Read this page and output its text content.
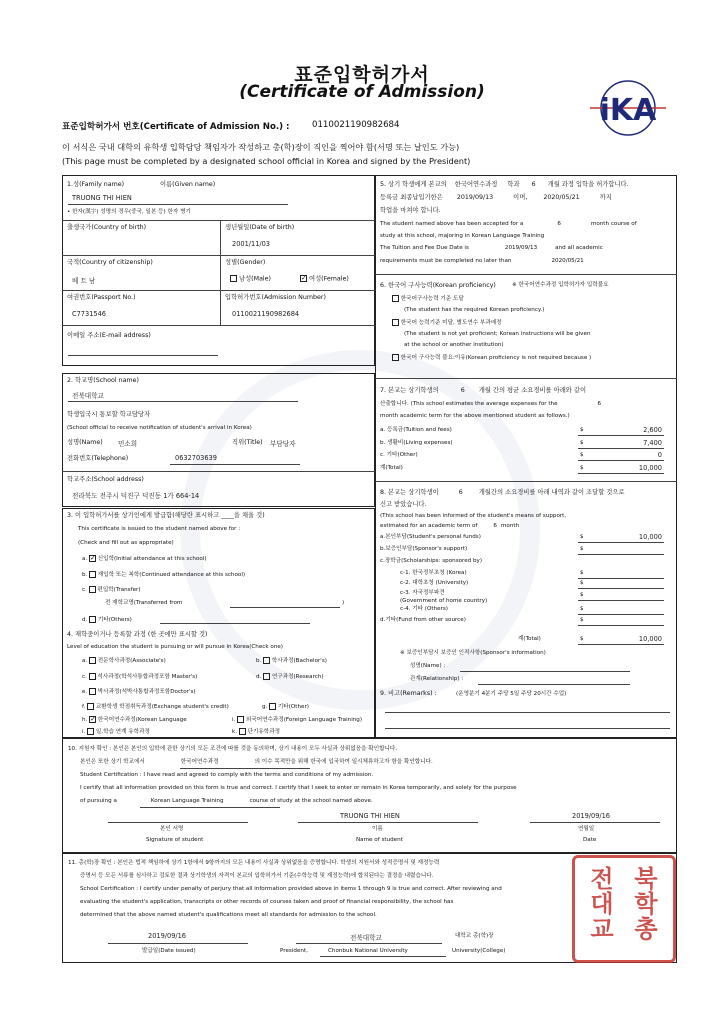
표준입학허가서
(Certificate of Admission)
iKA
표준입학허가서 번호(Certificate of Admission No.) :	0110021190982684
이 서식은 국내 대학의 유학생 입학담당 책임자가 작성하고 총(학)장이 직인을 찍어야 함(서명 또는 날인도 가능)
(This page must be completed by a designated school official in Korea and signed by the President)
1.성(Family name)	이름(Given name)
TRUONG THI HIEN
• 한자(漢字) 성명의 경우(중국, 일본 등) 한자 병기
출생국가(Country of birth)	생년월일(Date of birth)
2001/11/03
국적(Country of citizenship)
베 트 남
성별(Gender)
남성(Male)	✓ 여성(Female)
여권번호(Passport No.)
C7731546
입학허가번호(Admission Number)
0110021190982684
이메일 주소(E-mail address)
2. 학교명(School name)
전북대학교
학생입국시 통보할 학교담당자
(School official to receive notification of student's arrival in Korea)
성명(Name) 민소희	직위(Title) 부담당자
전화번호(Telephone)	0632703639
학교주소(School address)
전라북도 전주시 덕진구 덕진동 1가 664-14
3. 이 입학허가서를 상기인에게 발급함(해당란 표시하고 ____을 채울 것)
This certificate is issued to the student named above for :
(Check and fill out as appropriate)
a. ✓ 신입학(Initial attendance at this school)
b.  재입학 또는 복학(Continued attendance at this school)
c.  편입학(Transfer)
전 재학교명(Transferred from	)
d.  기타(Others)
4. 재학중이거나 등록할 과정 (한 곳에만 표시할 것)
Level of education the student is pursuing or will pursue in Korea(Check one)
a.  전문학사과정(Associate's)	b.  학사과정(Bachelor's)
c.  석사과정(학석사통합과정포함 Master's)	d.  연구과정(Research)
e.  박사과정(석박사통합과정포함Doctor's)
f.  교환학생 학점취득과정(Exchange student's credit)	g.  기타(Other)
h. ✓ 한국어연수과정(Korean Language	i.  외국어연수과정(Foreign Language Training)
i.  일,학습 연계 유학과정	k.  단기유학과정
5. 상기 학생에게 본교의 한국어연수과정 학과 6 개월 과정 입학을 허가합니다.
등록금 최종납입기한은 2019/09/13	이며,	2020/05/21	까지
학업을 마쳐야 합니다.
The student named above has been accepted for a	6	month course of
study at this school, majoring in Korean Language Training
The Tuition and Fee Due Date is	2019/09/13	and all academic
requirements must be completed no later than	2020/05/21
6. 한국어 구사능력(Korean proficiency)	※ 한국어연수과정 입학허가자 입력불요
한국어구사능력 기준 도달
(The student has the required Korean proficiency.)
한국어 능력기준 미달, 별도연수 부과예정
(The student is not yet proficient; Korean instructions will be given
at the school or another institution)
한국어 구사능력 불요:이유(Korean proficiency is not required because )
7. 본교는 상기학생의	6 개월 간의 평균 소요경비를 아래와 같이
산출합니다. (This school estimates the average expenses for the	6
month academic term for the above mentioned student as follows.)
a. 등록금(Tuition and fees)	$	2,600
b. 생활비(Living expenses)	$	7,400
c. 기타(Other)	$	0
계(Total)	$	10,000
8. 본교는 상기학생이	6	개월간의 소요경비를 아래 내역과 같이 조달할 것으로
신고 받았습니다.
(This school has been informed of the student's means of support,
estimated for an academic term of	6 month
a.본인부담(Student's personal funds)	$	10,000
b.보증인부담(Sponsor's support)	$
c.장학금(Scholarships: sponsored by)
c-1. 한국정부초청 (Korea)	$
c-2. 대학초청 (University)	$
c-3. 자국정부파견	$
(Government of home country)
c-4. 기타 (Others)	$
d.기타(Fund from other source)	$
계(Total)	$	10,000
※ 보증인부담시 보증인 인적사항(Sponsor's information)
성명(Name) :
관계(Relationship) :
9. 비고(Remarks) :	(운영분기 4분기 주당 5일 주당 20시간 수업)
10. 지원자 확인 : 본인은 본인의 입학에 관한 상기의 모든 조건에 따를 것을 동의하며, 상기 내용이 모두 사실과 상위없음을 확인합니다.
본인은 또한 상기 학교에서	한국어연수과정	의 이수 목적만을 위해 한국에 입국하여 일시체류하고자 함을 확인합니다.
Student Certification : I have read and agreed to comply with the terms and conditions of my admission.
I certify that all information provided on this form is true and correct. I certify that I seek to enter or remain in Korea temporarily, and solely for the purpose
of pursuing a	Korean Language Training	course of study at the school named above.
TRUONG THI HIEN	2019/09/16
본인 서명
Signature of student
이름
Name of student
연월일
Date
11. 총(학)장 확인 : 본인은 법적 책임하에 상기 1항에서 9항까지의 모든 내용이 사실과 상위없음을 증명합니다. 학생의 지원서와 성적증명서 및 재정능력
증명서 등 모든 서류를 심사하고 검토한 결과 상기학생의 자격이 본교의 입학허가서 기준(수학능력 및 재정능력)에 합치된다는 결정을 내렸습니다.
School Certification : I certify under penalty of perjury that all information provided above in items 1 through 9 is true and correct. After reviewing and
evaluating the student's application, transcripts or other records of courses taken and proof of financial responsibility, the school has
determined that the above named student's qualifications meet all standards for admission to the school.
2019/09/16	전북대학교	대학교 총(학)장
발급일(Date issued)	President,	Chonbuk National University	University(College)
전 북
대 학
교 총
